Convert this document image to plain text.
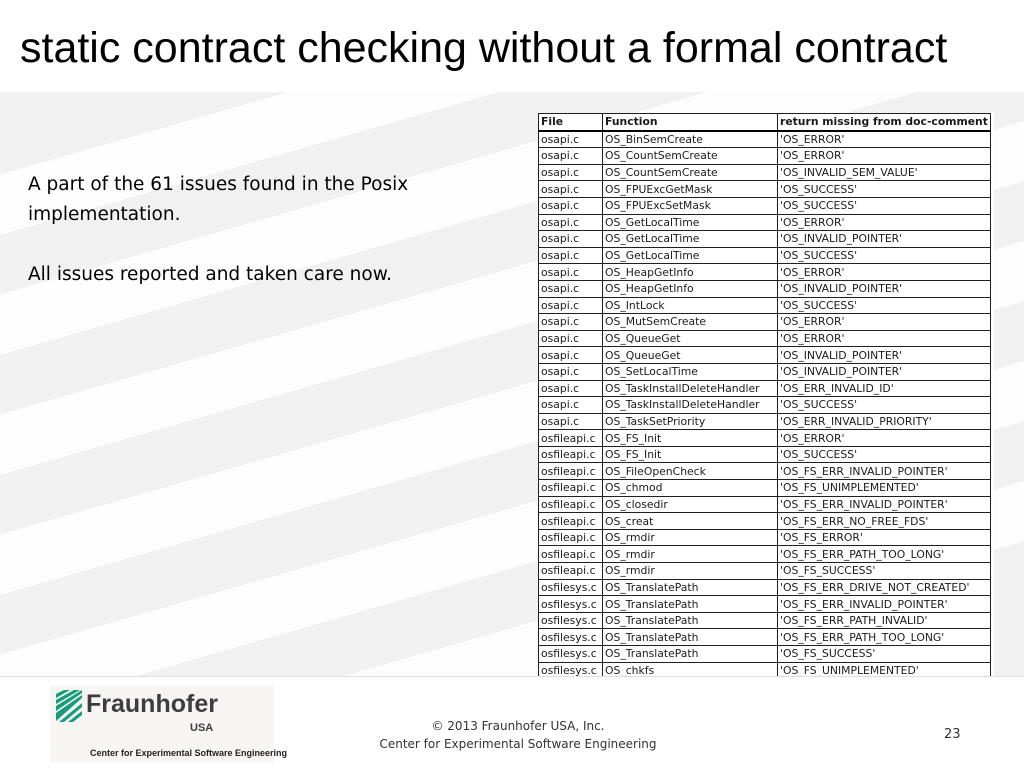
static contract checking without a formal contract

A part of the 61 issues found in the Posix implementation.

All issues reported and taken care now.

File	Function	return missing from doc-comment
osapi.c	OS_BinSemCreate	'OS_ERROR'
osapi.c	OS_CountSemCreate	'OS_ERROR'
osapi.c	OS_CountSemCreate	'OS_INVALID_SEM_VALUE'
osapi.c	OS_FPUExcGetMask	'OS_SUCCESS'
osapi.c	OS_FPUExcSetMask	'OS_SUCCESS'
osapi.c	OS_GetLocalTime	'OS_ERROR'
osapi.c	OS_GetLocalTime	'OS_INVALID_POINTER'
osapi.c	OS_GetLocalTime	'OS_SUCCESS'
osapi.c	OS_HeapGetInfo	'OS_ERROR'
osapi.c	OS_HeapGetInfo	'OS_INVALID_POINTER'
osapi.c	OS_IntLock	'OS_SUCCESS'
osapi.c	OS_MutSemCreate	'OS_ERROR'
osapi.c	OS_QueueGet	'OS_ERROR'
osapi.c	OS_QueueGet	'OS_INVALID_POINTER'
osapi.c	OS_SetLocalTime	'OS_INVALID_POINTER'
osapi.c	OS_TaskInstallDeleteHandler	'OS_ERR_INVALID_ID'
osapi.c	OS_TaskInstallDeleteHandler	'OS_SUCCESS'
osapi.c	OS_TaskSetPriority	'OS_ERR_INVALID_PRIORITY'
osfileapi.c	OS_FS_Init	'OS_ERROR'
osfileapi.c	OS_FS_Init	'OS_SUCCESS'
osfileapi.c	OS_FileOpenCheck	'OS_FS_ERR_INVALID_POINTER'
osfileapi.c	OS_chmod	'OS_FS_UNIMPLEMENTED'
osfileapi.c	OS_closedir	'OS_FS_ERR_INVALID_POINTER'
osfileapi.c	OS_creat	'OS_FS_ERR_NO_FREE_FDS'
osfileapi.c	OS_rmdir	'OS_FS_ERROR'
osfileapi.c	OS_rmdir	'OS_FS_ERR_PATH_TOO_LONG'
osfileapi.c	OS_rmdir	'OS_FS_SUCCESS'
osfilesys.c	OS_TranslatePath	'OS_FS_ERR_DRIVE_NOT_CREATED'
osfilesys.c	OS_TranslatePath	'OS_FS_ERR_INVALID_POINTER'
osfilesys.c	OS_TranslatePath	'OS_FS_ERR_PATH_INVALID'
osfilesys.c	OS_TranslatePath	'OS_FS_ERR_PATH_TOO_LONG'
osfilesys.c	OS_TranslatePath	'OS_FS_SUCCESS'
osfilesys.c	OS_chkfs	'OS_FS_UNIMPLEMENTED'
Fraunhofer
USA
Center for Experimental Software Engineering
© 2013 Fraunhofer USA, Inc.
Center for Experimental Software Engineering
23
